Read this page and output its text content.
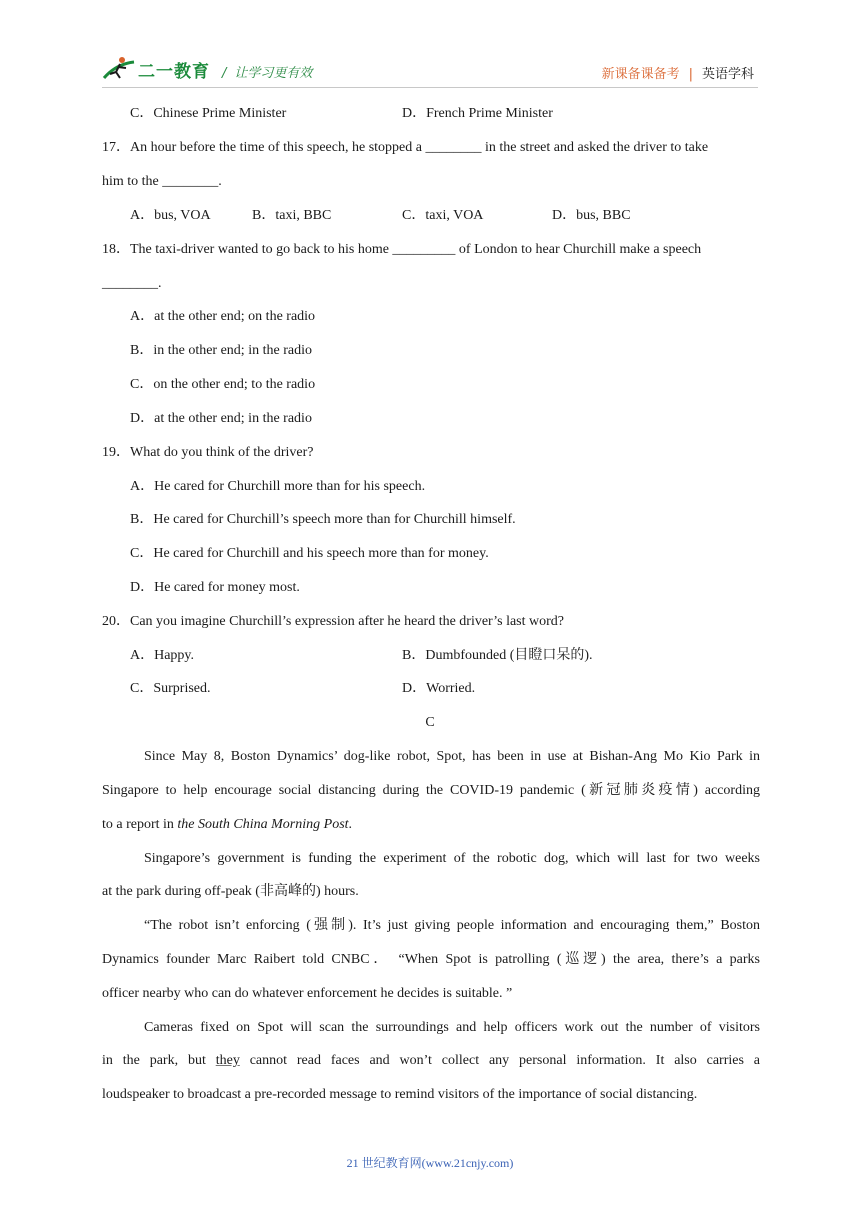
二一教育 / 让学习更有效	新课备课备考 | 英语学科
C．Chinese Prime Minister	D．French Prime Minister
17．An hour before the time of this speech, he stopped a ________ in the street and asked the driver to take
him to the ________.
A．bus, VOA	B．taxi, BBC	C．taxi, VOA	D．bus, BBC
18．The taxi-driver wanted to go back to his home _________ of London to hear Churchill make a speech
________.
A．at the other end; on the radio
B．in the other end; in the radio
C．on the other end; to the radio
D．at the other end; in the radio
19．What do you think of the driver?
A．He cared for Churchill more than for his speech.
B．He cared for Churchill’s speech more than for Churchill himself.
C．He cared for Churchill and his speech more than for money.
D．He cared for money most.
20．Can you imagine Churchill’s expression after he heard the driver’s last word?
A．Happy.	B．Dumbfounded (目瞪口呆的).
C．Surprised.	D．Worried.
C
Since May 8, Boston Dynamics’ dog-like robot, Spot, has been in use at Bishan-Ang Mo Kio Park in
Singapore to help encourage social distancing during the COVID-19 pandemic (新冠肺炎疫情) according
to a report in the South China Morning Post.
Singapore’s government is funding the experiment of the robotic dog, which will last for two weeks
at the park during off-peak (非高峰的) hours.
“The robot isn’t enforcing (强制). It’s just giving people information and encouraging them,” Boston
Dynamics founder Marc Raibert told CNBC． “When Spot is patrolling (巡逻) the area, there’s a parks
officer nearby who can do whatever enforcement he decides is suitable. ”
Cameras fixed on Spot will scan the surroundings and help officers work out the number of visitors
in the park, but they cannot read faces and won’t collect any personal information. It also carries a
loudspeaker to broadcast a pre-recorded message to remind visitors of the importance of social distancing.
21 世纪教育网(www.21cnjy.com)
